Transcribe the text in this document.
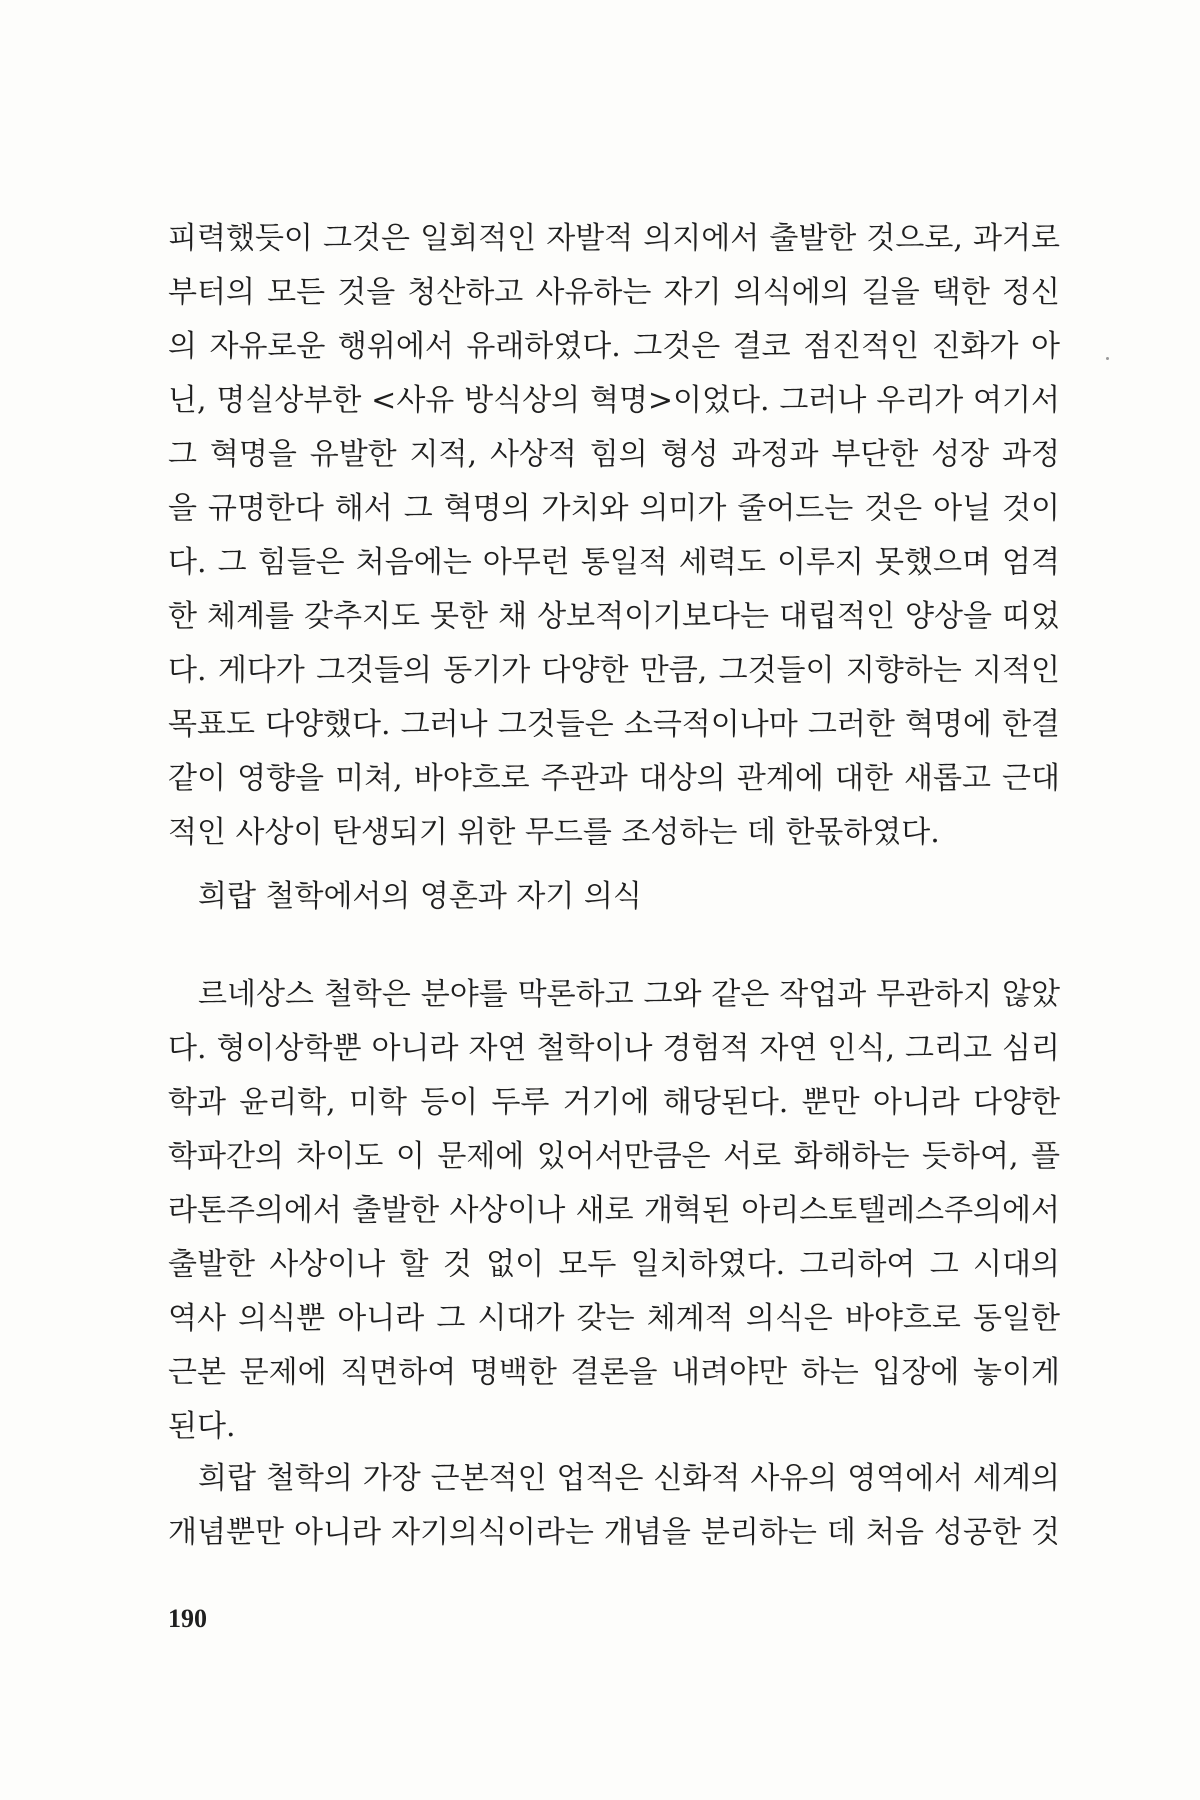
피력했듯이 그것은 일회적인 자발적 의지에서 출발한 것으로, 과거로
부터의 모든 것을 청산하고 사유하는 자기 의식에의 길을 택한 정신
의 자유로운 행위에서 유래하였다. 그것은 결코 점진적인 진화가 아
닌, 명실상부한 <사유 방식상의 혁명>이었다. 그러나 우리가 여기서
그 혁명을 유발한 지적, 사상적 힘의 형성 과정과 부단한 성장 과정
을 규명한다 해서 그 혁명의 가치와 의미가 줄어드는 것은 아닐 것이
다. 그 힘들은 처음에는 아무런 통일적 세력도 이루지 못했으며 엄격
한 체계를 갖추지도 못한 채 상보적이기보다는 대립적인 양상을 띠었
다. 게다가 그것들의 동기가 다양한 만큼, 그것들이 지향하는 지적인
목표도 다양했다. 그러나 그것들은 소극적이나마 그러한 혁명에 한결
같이 영향을 미쳐, 바야흐로 주관과 대상의 관계에 대한 새롭고 근대
적인 사상이 탄생되기 위한 무드를 조성하는 데 한몫하였다.
희랍 철학에서의 영혼과 자기 의식
르네상스 철학은 분야를 막론하고 그와 같은 작업과 무관하지 않았
다. 형이상학뿐 아니라 자연 철학이나 경험적 자연 인식, 그리고 심리
학과 윤리학, 미학 등이 두루 거기에 해당된다. 뿐만 아니라 다양한
학파간의 차이도 이 문제에 있어서만큼은 서로 화해하는 듯하여, 플
라톤주의에서 출발한 사상이나 새로 개혁된 아리스토텔레스주의에서
출발한 사상이나 할 것 없이 모두 일치하였다. 그리하여 그 시대의
역사 의식뿐 아니라 그 시대가 갖는 체계적 의식은 바야흐로 동일한
근본 문제에 직면하여 명백한 결론을 내려야만 하는 입장에 놓이게
된다.
희랍 철학의 가장 근본적인 업적은 신화적 사유의 영역에서 세계의
개념뿐만 아니라 자기의식이라는 개념을 분리하는 데 처음 성공한 것
190
